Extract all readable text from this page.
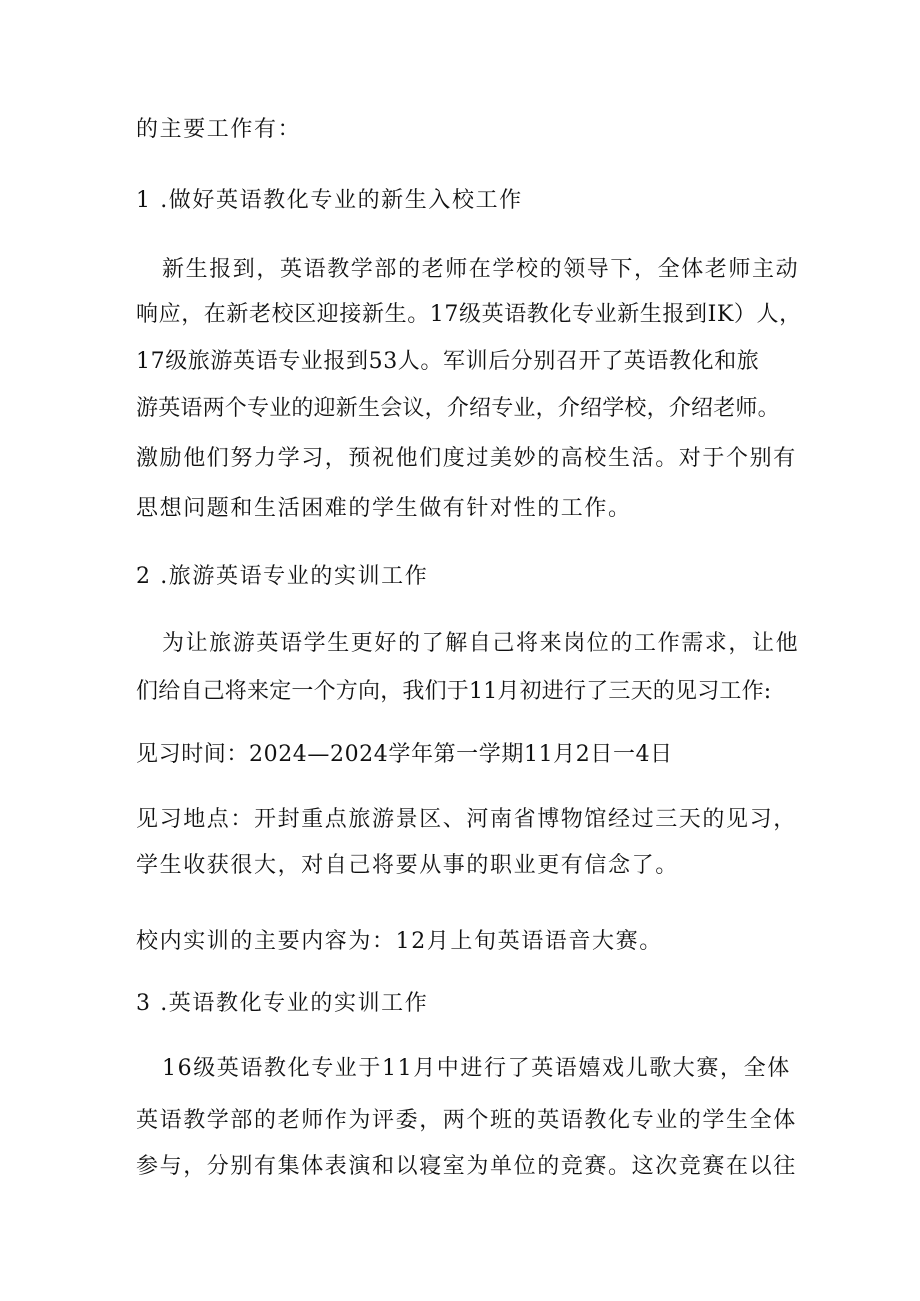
的主要工作有：
1 .做好英语教化专业的新生入校工作
新生报到，英语教学部的老师在学校的领导下，全体老师主动
响应，在新老校区迎接新生。17级英语教化专业新生报到IK）人，
17级旅游英语专业报到53人。军训后分别召开了英语教化和旅
游英语两个专业的迎新生会议，介绍专业，介绍学校，介绍老师。
激励他们努力学习，预祝他们度过美妙的高校生活。对于个别有
思想问题和生活困难的学生做有针对性的工作。
2 .旅游英语专业的实训工作
为让旅游英语学生更好的了解自己将来岗位的工作需求，让他
们给自己将来定一个方向，我们于11月初进行了三天的见习工作:
见习时间：2024—2024学年第一学期11月2日一4日
见习地点：开封重点旅游景区、河南省博物馆经过三天的见习，
学生收获很大，对自己将要从事的职业更有信念了。
校内实训的主要内容为：12月上旬英语语音大赛。
3 .英语教化专业的实训工作
16级英语教化专业于11月中进行了英语嬉戏儿歌大赛，全体
英语教学部的老师作为评委，两个班的英语教化专业的学生全体
参与，分别有集体表演和以寝室为单位的竞赛。这次竞赛在以往
